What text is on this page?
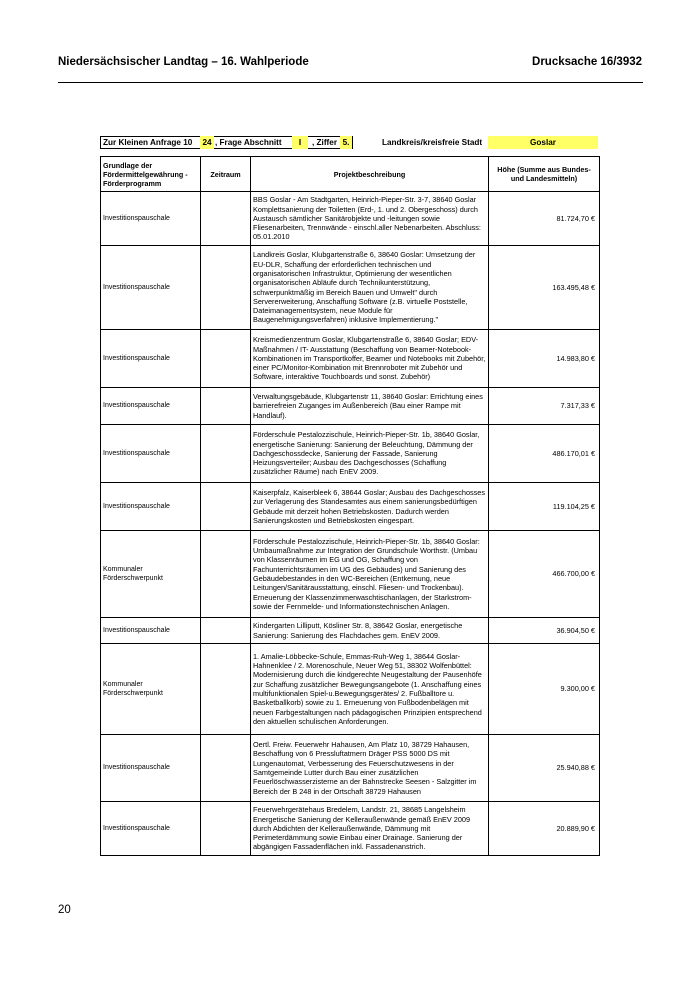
Niedersächsischer Landtag – 16. Wahlperiode	Drucksache 16/3932
Zur Kleinen Anfrage 10 24 , Frage Abschnitt	I	, Ziffer 5.	Landkreis/kreisfreie Stadt	Goslar
Grundlage der Fördermittelgewährung - Förderprogramm	Zeitraum	Projektbeschreibung	Höhe (Summe aus Bundes- und Landesmitteln)
Investitionspauschale		BBS Goslar - Am Stadtgarten, Heinrich-Pieper-Str. 3-7, 38640 Goslar Komplettsanierung der Toiletten (Erd-, 1. und 2. Obergeschoss) durch Austausch sämtlicher Sanitärobjekte und -leitungen sowie Fliesenarbeiten, Trennwände - einschl.aller Nebenarbeiten. Abschluss: 05.01.2010	81.724,70 €
Investitionspauschale		Landkreis Goslar, Klubgartenstraße 6, 38640 Goslar: Umsetzung der EU-DLR, Schaffung der erforderlichen technischen und organisatorischen Infrastruktur, Optimierung der wesentlichen organisatorischen Abläufe durch Technikunterstützung, schwerpunktmäßig im Bereich Bauen und Umwelt" durch Servererweiterung, Anschaffung Software (z.B. virtuelle Poststelle, Dateimanagementsystem, neue Module für Baugenehmigungsverfahren) inklusive Implementierung."	163.495,48 €
Investitionspauschale		Kreismedienzentrum Goslar, Klubgartenstraße 6, 38640 Goslar; EDV-Maßnahmen / IT- Ausstattung (Beschaffung von Beamer-Notebook-Kombinationen im Transportkoffer, Beamer und Notebooks mit Zubehör, einer PC/Monitor-Kombination mit Brennroboter mit Zubehör und Software, interaktive Touchboards und sonst. Zubehör)	14.983,80 €
Investitionspauschale		Verwaltungsgebäude, Klubgartenstr 11, 38640 Goslar: Errichtung eines barrierefreien Zuganges im Außenbereich (Bau einer Rampe mit Handlauf).	7.317,33 €
Investitionspauschale		Förderschule Pestalozzischule, Heinrich-Pieper-Str. 1b, 38640 Goslar, energetische Sanierung: Sanierung der Beleuchtung, Dämmung der Dachgeschossdecke, Sanierung der Fassade, Sanierung Heizungsverteiler; Ausbau des Dachgeschosses (Schaffung zusätzlicher Räume) nach EnEV 2009.	486.170,01 €
Investitionspauschale		Kaiserpfalz, Kaiserbleek 6, 38644 Goslar; Ausbau des Dachgeschosses zur Verlagerung des Standesamtes aus einem sanierungsbedürftigen Gebäude mit derzeit hohen Betriebskosten. Dadurch werden Sanierungskosten und Betriebskosten eingespart.	119.104,25 €
Kommunaler Förderschwerpunkt		Förderschule Pestalozzischule, Heinrich-Pieper-Str. 1b, 38640 Goslar: Umbaumaßnahme zur Integration der Grundschule Worthstr. (Umbau von Klassenräumen im EG und OG, Schaffung von Fachunterrichtsräumen im UG des Gebäudes) und Sanierung des Gebäudebestandes in den WC-Bereichen (Entkernung, neue Leitungen/Sanitärausstattung, einschl. Fliesen- und Trockenbau). Erneuerung der Klassenzimmerwaschtischanlagen, der Starkstrom- sowie der Fernmelde- und Informationstechnischen Anlagen.	466.700,00 €
Investitionspauschale		Kindergarten Lilliputt, Kösliner Str. 8, 38642 Goslar, energetische Sanierung: Sanierung des Flachdaches gem. EnEV 2009.	36.904,50 €
Kommunaler Förderschwerpunkt		1. Amalie-Löbbecke-Schule, Emmas-Ruh-Weg 1, 38644 Goslar-Hahnenklee / 2. Morenoschule, Neuer Weg 51, 38302 Wolfenbüttel: Modernisierung durch die kindgerechte Neugestaltung der Pausenhöfe zur Schaffung zusätzlicher Bewegungsangebote (1. Anschaffung eines multifunktionalen Spiel-u.Bewegungsgerätes/ 2. Fußballtore u. Basketballkorb) sowie zu 1. Erneuerung von Fußbodenbelägen mit neuen Farbgestaltungen nach pädagogischen Prinzipien entsprechend den aktuellen schulischen Anforderungen.	9.300,00 €
Investitionspauschale		Oertl. Freiw. Feuerwehr Hahausen, Am Platz 10, 38729 Hahausen, Beschaffung von 6 Pressluftatmern Dräger PSS 5000 DS mit Lungenautomat, Verbesserung des Feuerschutzwesens in der Samtgemeinde Lutter durch Bau einer zusätzlichen Feuerlöschwasserzisterne an der Bahnstrecke Seesen - Salzgitter im Bereich der B 248 in der Ortschaft 38729 Hahausen	25.940,88 €
Investitionspauschale		Feuerwehrgerätehaus Bredelem, Landstr. 21, 38685 Langelsheim Energetische Sanierung der Kelleraußenwände gemäß EnEV 2009 durch Abdichten der Kelleraußenwände, Dämmung mit Perimeterdämmung sowie Einbau einer Drainage. Sanierung der abgängigen Fassadenflächen inkl. Fassadenanstrich.	20.889,90 €
20
